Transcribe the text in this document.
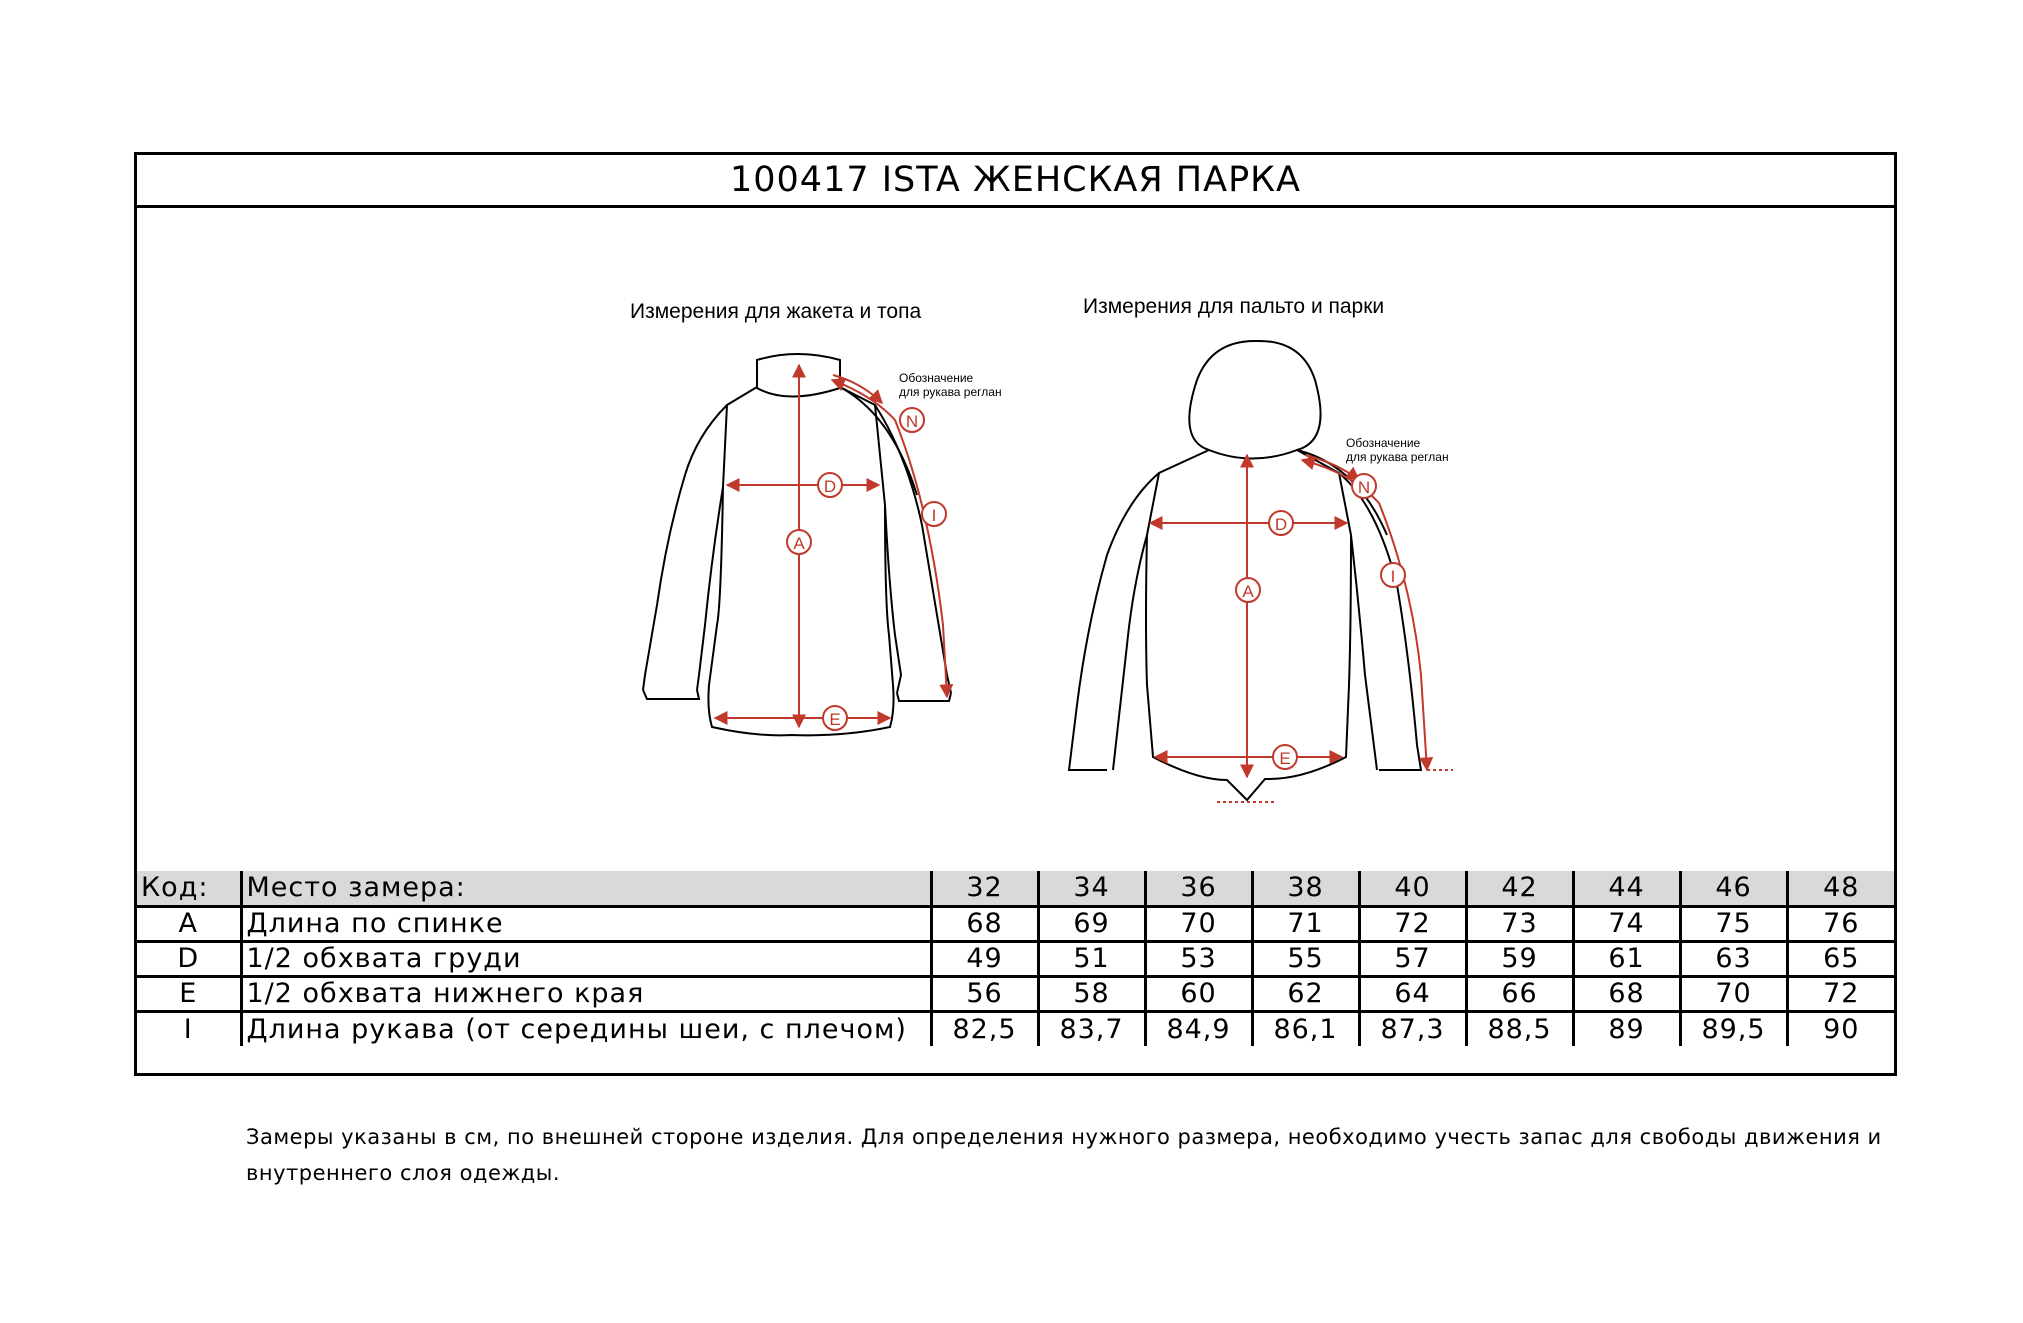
100417 ISTA ЖЕНСКАЯ ПАРКА
Измерения для жакета и топа	Измерения для пальто и парки
Обозначение
для рукава реглан
Обозначение
для рукава реглан
D
A
E
N
I	D
A
E
N
I
Код:	Место замера:	32	34	36	38	40	42	44	46	48
A	Длина по спинке	68	69	70	71	72	73	74	75	76
D	1/2 обхвата груди	49	51	53	55	57	59	61	63	65
E	1/2 обхвата нижнего края	56	58	60	62	64	66	68	70	72
I	Длина рукава (от середины шеи, с плечом)	82,5	83,7	84,9	86,1	87,3	88,5	89	89,5	90
Замеры указаны в см, по внешней стороне изделия. Для определения нужного размера, необходимо учесть запас для свободы движения и внутреннего слоя одежды.
